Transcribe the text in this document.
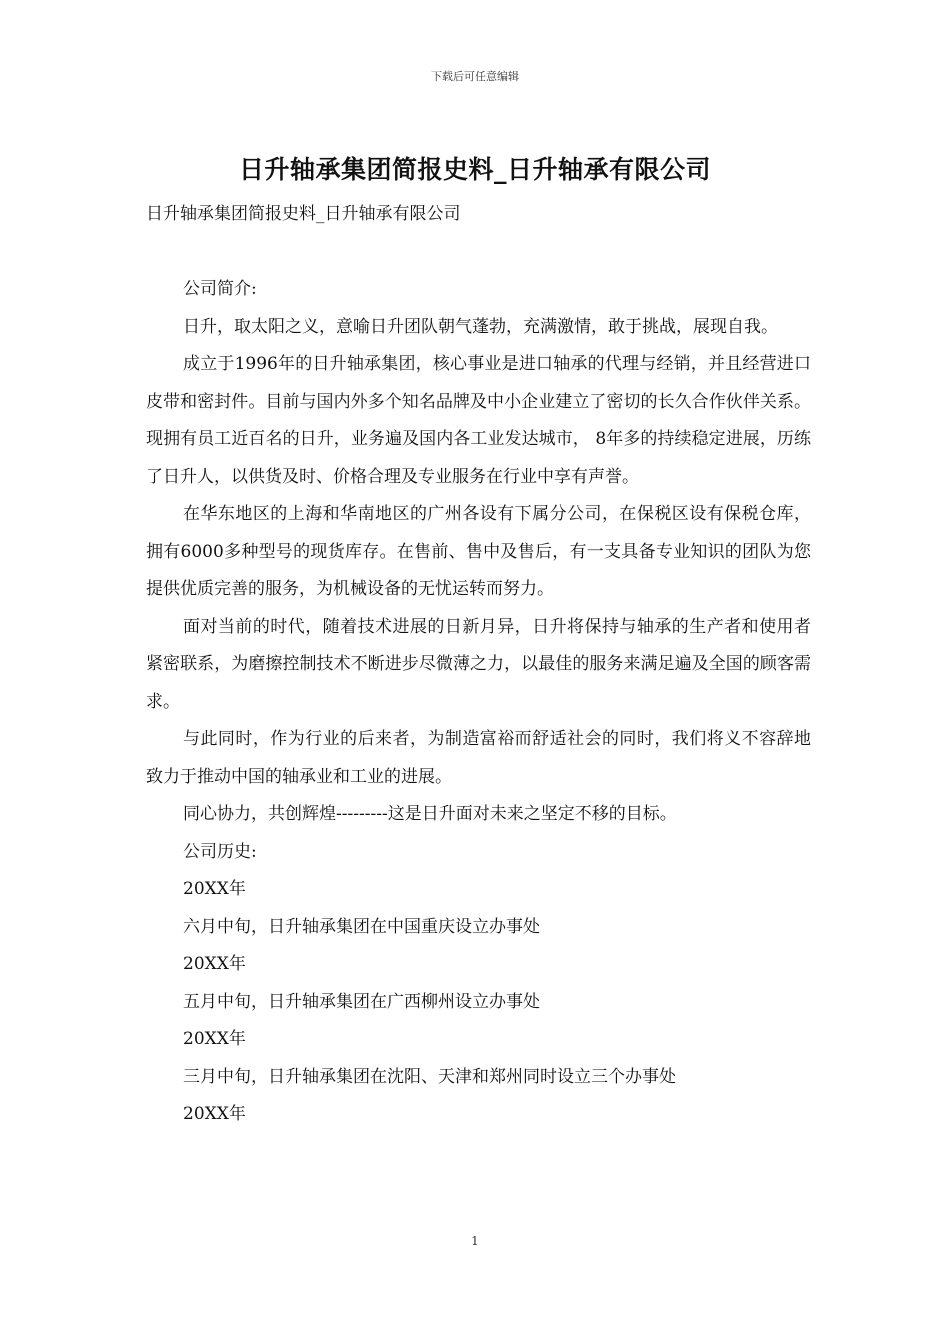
下载后可任意编辑
日升轴承集团简报史料_日升轴承有限公司

日升轴承集团简报史料_日升轴承有限公司

公司简介:

日升，取太阳之义，意喻日升团队朝气蓬勃，充满激情，敢于挑战，展现自我。

成立于1996年的日升轴承集团，核心事业是进口轴承的代理与经销，并且经营进口皮带和密封件。目前与国内外多个知名品牌及中小企业建立了密切的长久合作伙伴关系。现拥有员工近百名的日升，业务遍及国内各工业发达城市， 8年多的持续稳定进展，历练了日升人，以供货及时、价格合理及专业服务在行业中享有声誉。

在华东地区的上海和华南地区的广州各设有下属分公司，在保税区设有保税仓库，拥有6000多种型号的现货库存。在售前、售中及售后，有一支具备专业知识的团队为您提供优质完善的服务，为机械设备的无忧运转而努力。

面对当前的时代，随着技术进展的日新月异，日升将保持与轴承的生产者和使用者紧密联系，为磨擦控制技术不断进步尽微薄之力，以最佳的服务来满足遍及全国的顾客需求。

与此同时，作为行业的后来者，为制造富裕而舒适社会的同时，我们将义不容辞地致力于推动中国的轴承业和工业的进展。

同心协力，共创辉煌---------这是日升面对未来之坚定不移的目标。

公司历史:

20XX年

六月中旬，日升轴承集团在中国重庆设立办事处

20XX年

五月中旬，日升轴承集团在广西柳州设立办事处

20XX年

三月中旬，日升轴承集团在沈阳、天津和郑州同时设立三个办事处

20XX年

1
